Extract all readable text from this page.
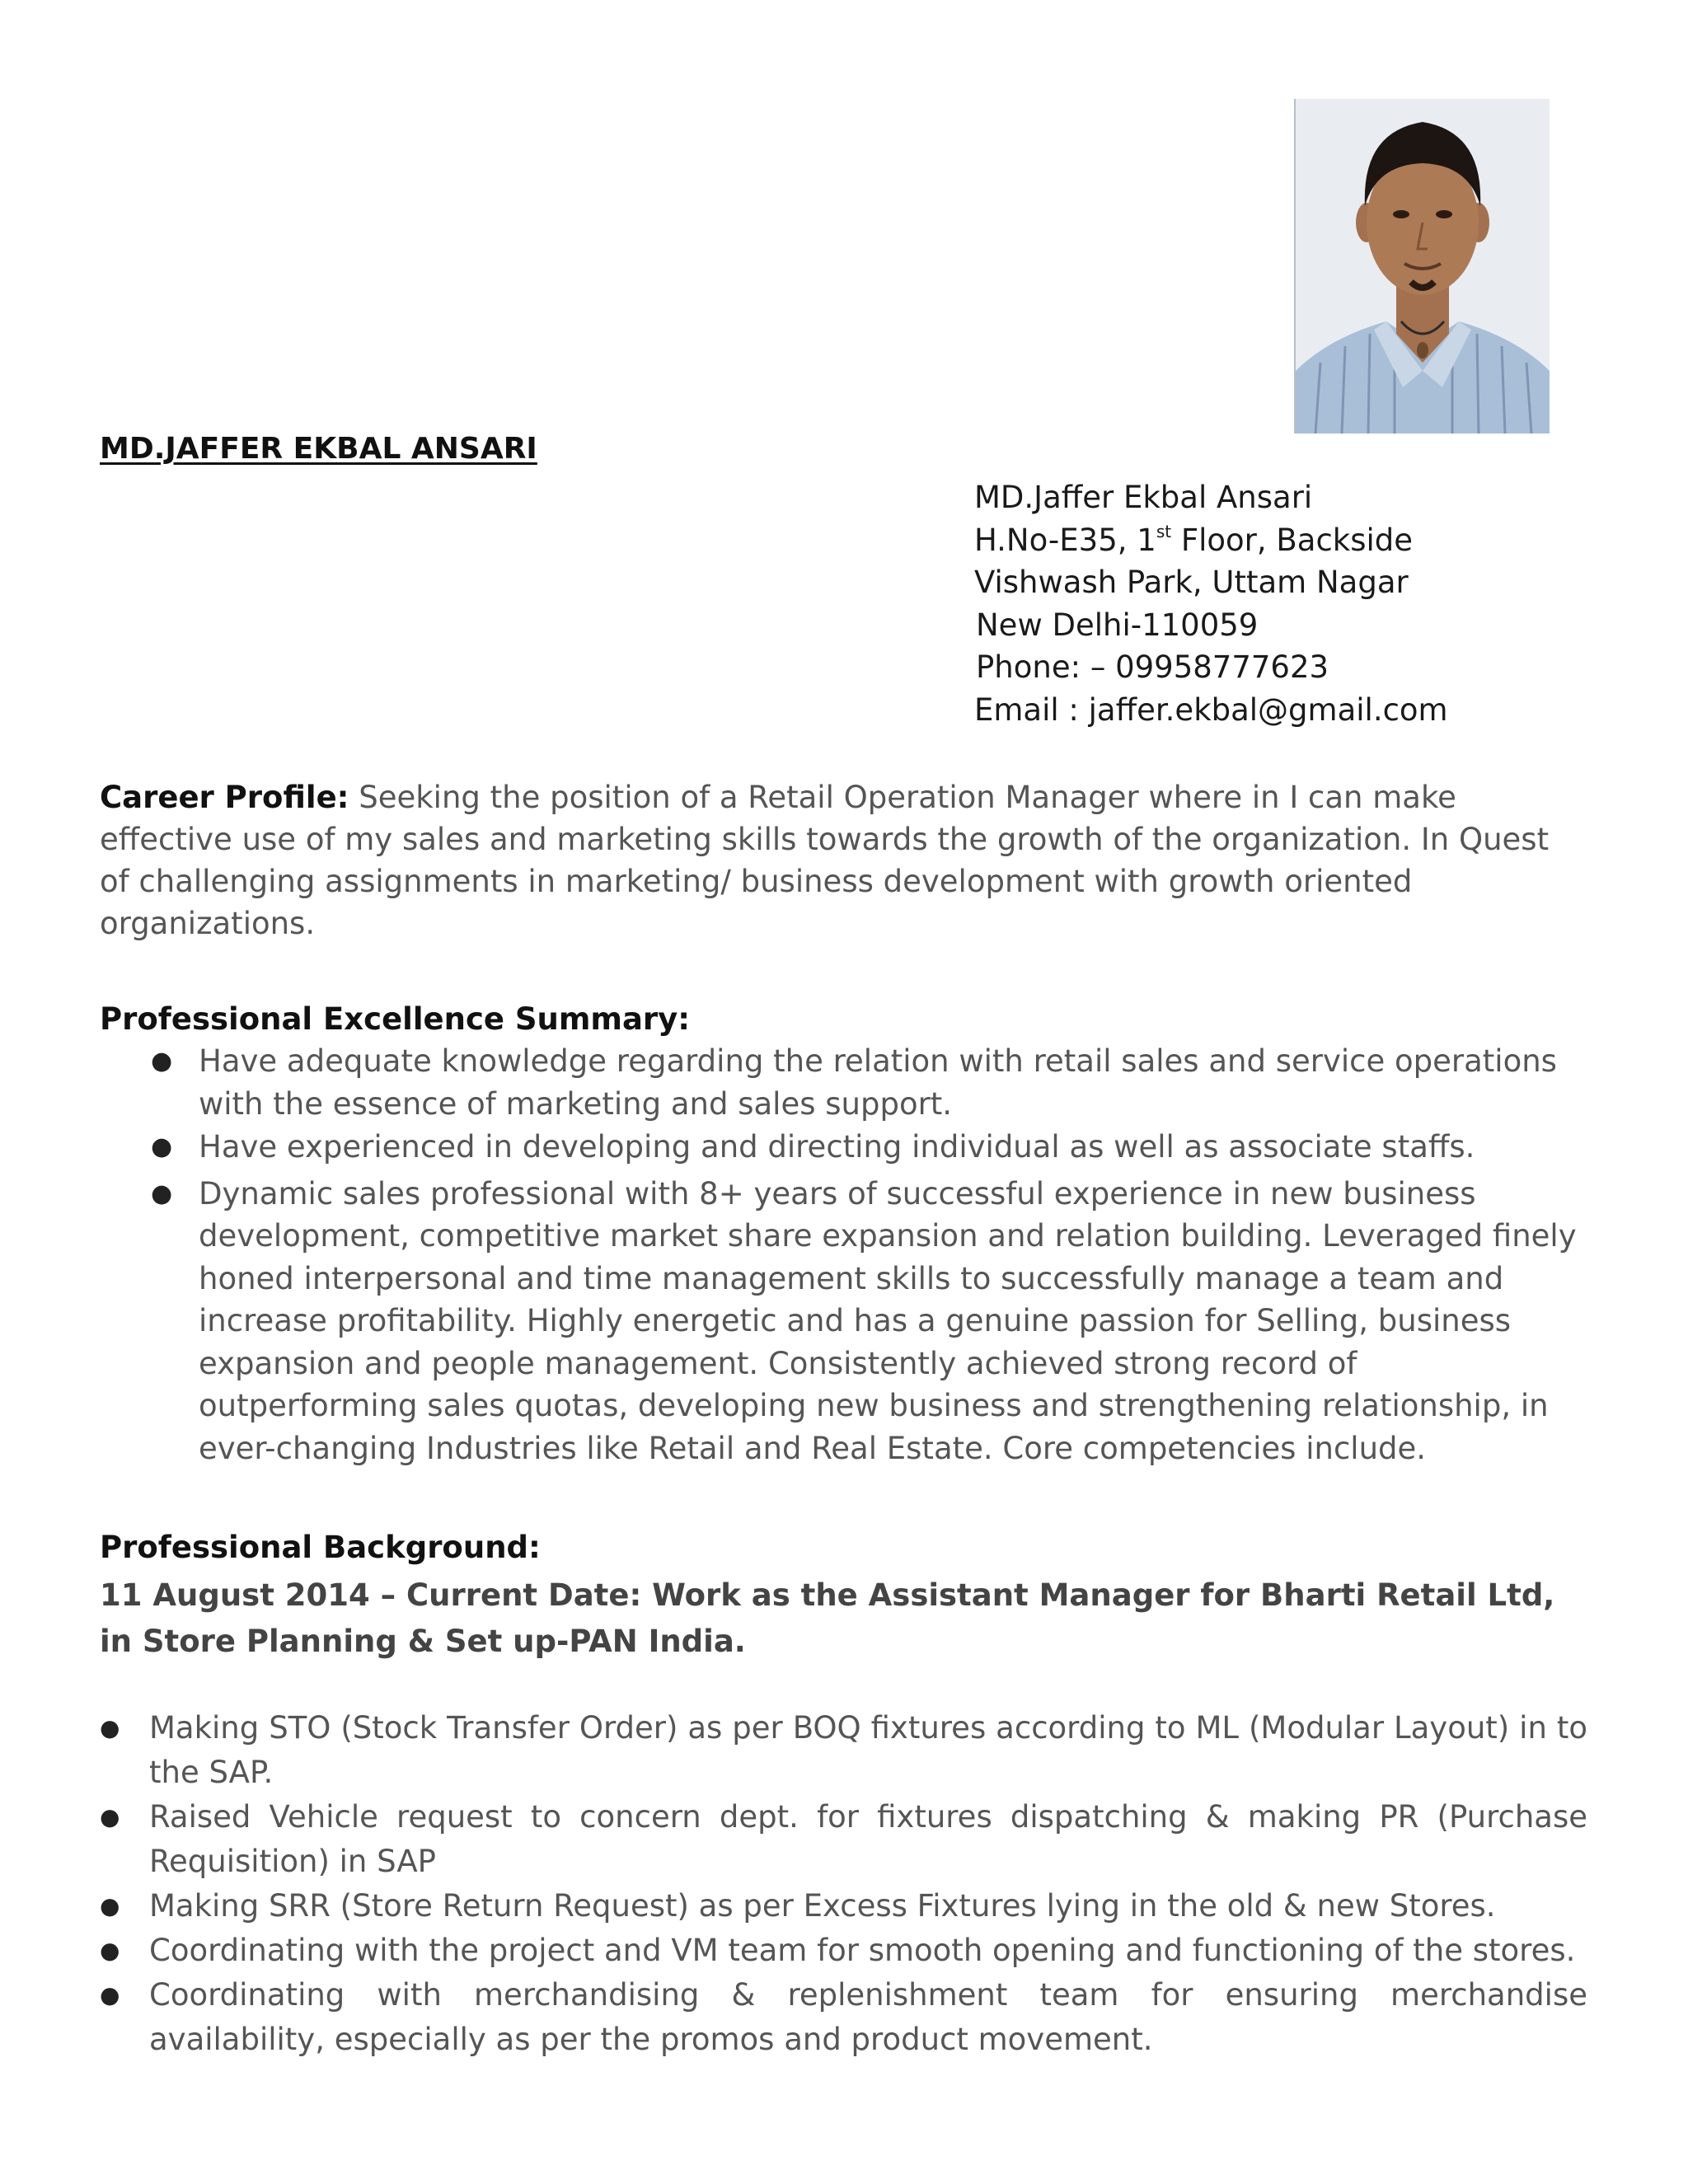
MD.JAFFER EKBAL ANSARI
MD.Jaffer Ekbal Ansari
H.No-E35, 1st Floor, Backside
Vishwash Park, Uttam Nagar
New Delhi-110059
Phone: – 09958777623
Email : jaffer.ekbal@gmail.com
Career Profile: Seeking the position of a Retail Operation Manager where in I can make effective use of my sales and marketing skills towards the growth of the organization. In Quest of challenging assignments in marketing/ business development with growth oriented organizations.
Professional Excellence Summary:
● Have adequate knowledge regarding the relation with retail sales and service operations with the essence of marketing and sales support.
● Have experienced in developing and directing individual as well as associate staffs.
● Dynamic sales professional with 8+ years of successful experience in new business development, competitive market share expansion and relation building. Leveraged finely honed interpersonal and time management skills to successfully manage a team and increase profitability. Highly energetic and has a genuine passion for Selling, business expansion and people management. Consistently achieved strong record of outperforming sales quotas, developing new business and strengthening relationship, in ever-changing Industries like Retail and Real Estate. Core competencies include.
Professional Background:
11 August 2014 – Current Date: Work as the Assistant Manager for Bharti Retail Ltd, in Store Planning & Set up-PAN India.
● Making STO (Stock Transfer Order) as per BOQ fixtures according to ML (Modular Layout) in to the SAP.
● Raised Vehicle request to concern dept. for fixtures dispatching & making PR (Purchase Requisition) in SAP
● Making SRR (Store Return Request) as per Excess Fixtures lying in the old & new Stores.
● Coordinating with the project and VM team for smooth opening and functioning of the stores.
● Coordinating with merchandising & replenishment team for ensuring merchandise availability, especially as per the promos and product movement.
